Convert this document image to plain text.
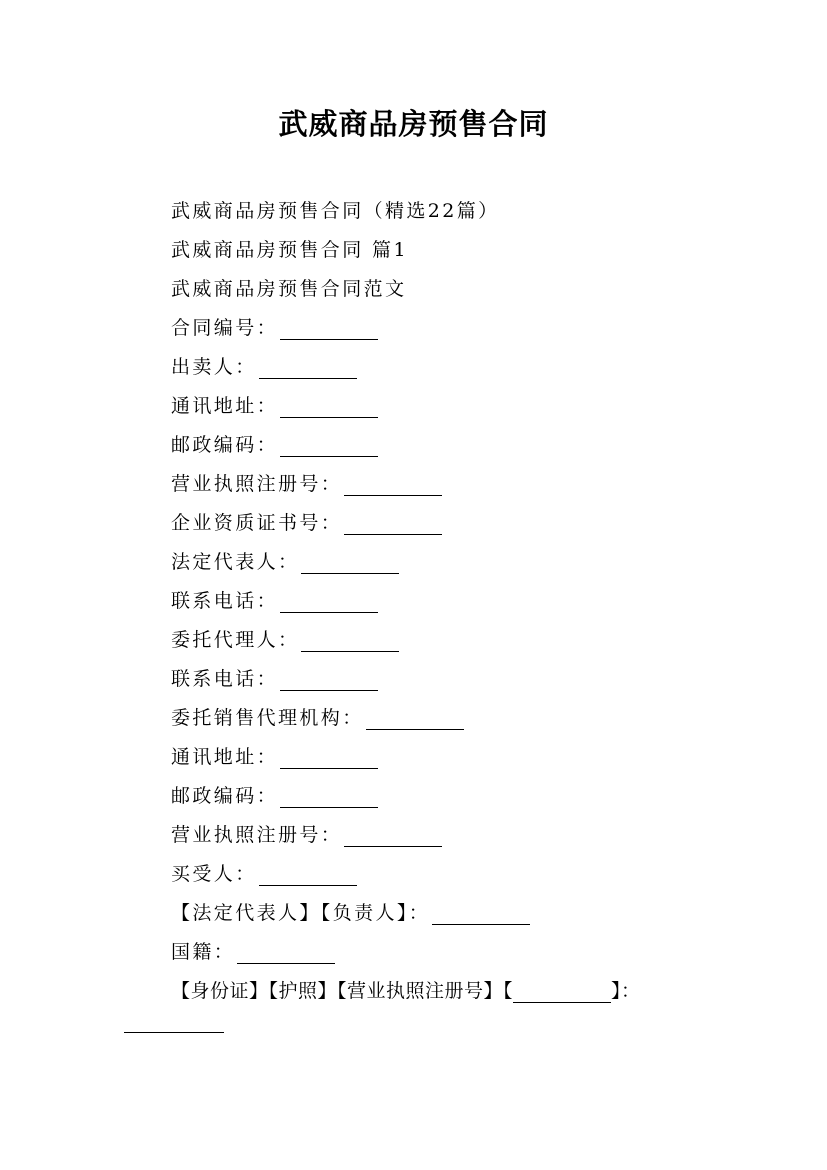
武威商品房预售合同
武威商品房预售合同（精选22篇）
武威商品房预售合同 篇1
武威商品房预售合同范文
合同编号：
出卖人：
通讯地址：
邮政编码：
营业执照注册号：
企业资质证书号：
法定代表人：
联系电话：
委托代理人：
联系电话：
委托销售代理机构：
通讯地址：
邮政编码：
营业执照注册号：
买受人：
【法定代表人】【负责人】：
国籍：
【身份证】【护照】【营业执照注册号】【	】：
